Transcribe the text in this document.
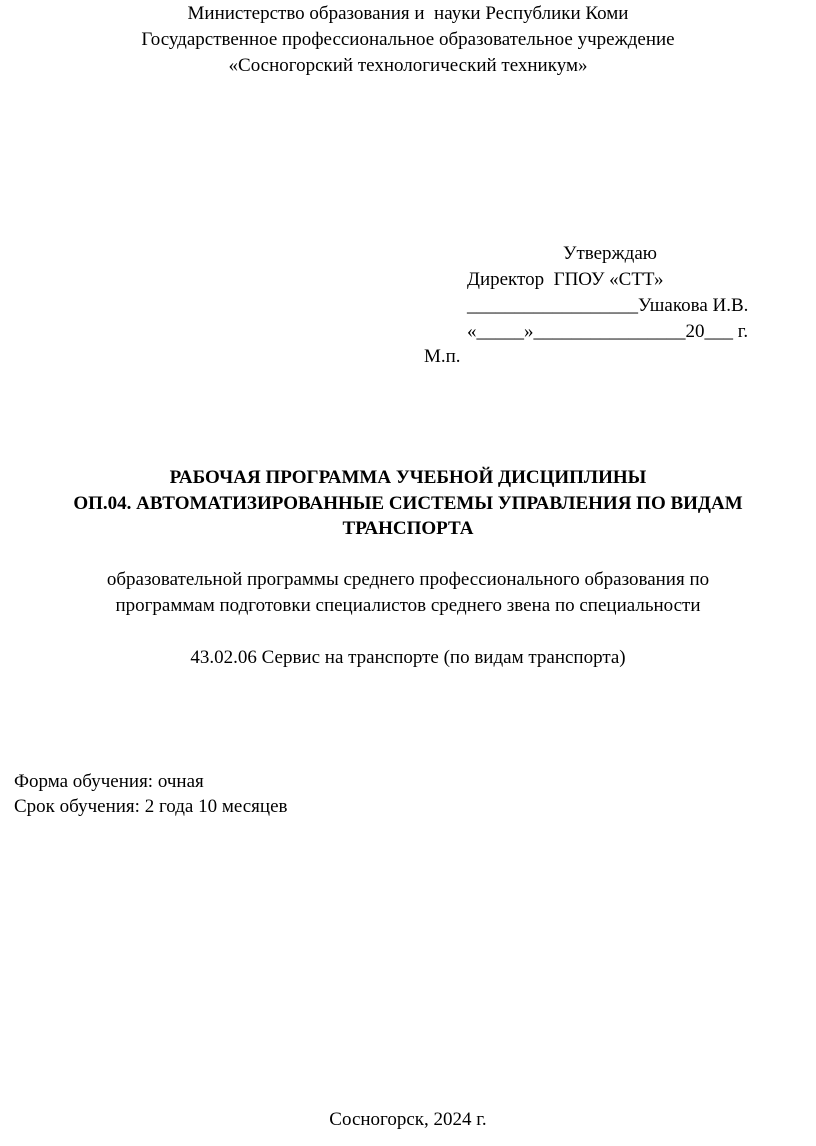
Министерство образования и  науки Республики Коми
Государственное профессиональное образовательное учреждение
«Сосногорский технологический техникум»
Утверждаю
Директор  ГПОУ «СТТ»
__________________Ушакова И.В.
«_____»________________20___ г.
М.п.
РАБОЧАЯ ПРОГРАММА УЧЕБНОЙ ДИСЦИПЛИНЫ
ОП.04. АВТОМАТИЗИРОВАННЫЕ СИСТЕМЫ УПРАВЛЕНИЯ ПО ВИДАМ
ТРАНСПОРТА
образовательной программы среднего профессионального образования по
программам подготовки специалистов среднего звена по специальности
43.02.06 Сервис на транспорте (по видам транспорта)
Форма обучения: очная
Срок обучения: 2 года 10 месяцев
Сосногорск, 2024 г.
